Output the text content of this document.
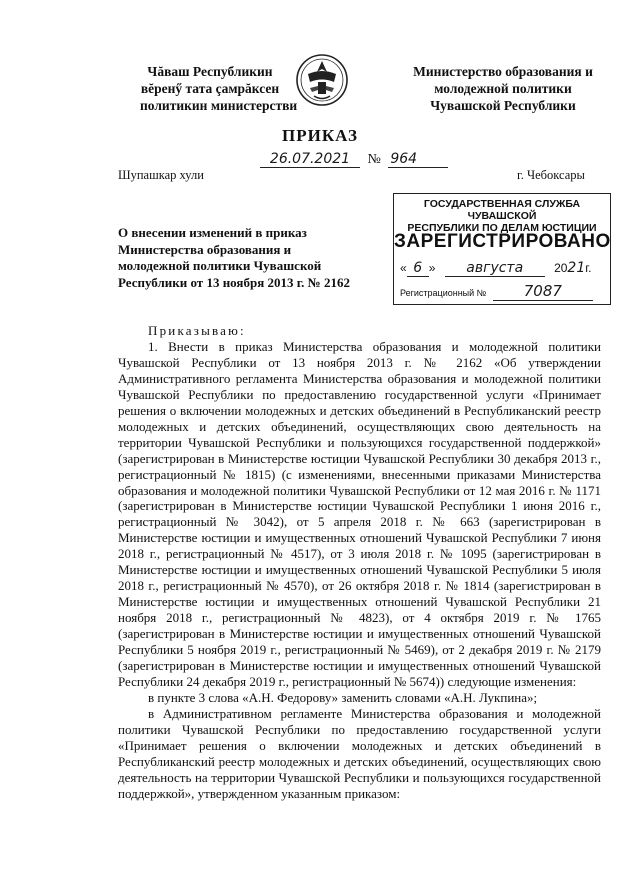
Чăваш Республикин
вĕренӳ тата çамрăксен
политикин министерстви
Министерство образования и
молодежной политики
Чувашской Республики
ПРИКАЗ
26.07.2021 № 964
Шупашкар хули	г. Чебоксары
О внесении изменений в приказ
Министерства образования и
молодежной политики Чувашской
Республики от 13 ноября 2013 г. № 2162
ГОСУДАРСТВЕННАЯ СЛУЖБА ЧУВАШСКОЙ
РЕСПУБЛИКИ ПО ДЕЛАМ ЮСТИЦИИ
ЗАРЕГИСТРИРОВАНО
« 6 » августа	2021г.
Регистрационный № 7087

Приказываю:

1. Внести в приказ Министерства образования и молодежной политики Чувашской Республики от 13 ноября 2013 г. № 2162 «Об утверждении Административного регламента Министерства образования и молодежной политики Чувашской Республики по предоставлению государственной услуги «Принимает решения о включении молодежных и детских объединений в Республиканский реестр молодежных и детских объединений, осуществляющих свою деятельность на территории Чувашской Республики и пользующихся государственной поддержкой» (зарегистрирован в Министерстве юстиции Чувашской Республики 30 декабря 2013 г., регистрационный № 1815) (с изменениями, внесенными приказами Министерства образования и молодежной политики Чувашской Республики от 12 мая 2016 г. № 1171 (зарегистрирован в Министерстве юстиции Чувашской Республики 1 июня 2016 г., регистрационный № 3042), от 5 апреля 2018 г. № 663 (зарегистрирован в Министерстве юстиции и имущественных отношений Чувашской Республики 7 июня 2018 г., регистрационный № 4517), от 3 июля 2018 г. № 1095 (зарегистрирован в Министерстве юстиции и имущественных отношений Чувашской Республики 5 июля 2018 г., регистрационный № 4570), от 26 октября 2018 г. № 1814 (зарегистрирован в Министерстве юстиции и имущественных отношений Чувашской Республики 21 ноября 2018 г., регистрационный № 4823), от 4 октября 2019 г. № 1765 (зарегистрирован в Министерстве юстиции и имущественных отношений Чувашской Республики 5 ноября 2019 г., регистрационный № 5469), от 2 декабря 2019 г. № 2179 (зарегистрирован в Министерстве юстиции и имущественных отношений Чувашской Республики 24 декабря 2019 г., регистрационный № 5674)) следующие изменения:

в пункте 3 слова «А.Н. Федорову» заменить словами «А.Н. Лукпина»;

в Административном регламенте Министерства образования и молодежной политики Чувашской Республики по предоставлению государственной услуги «Принимает решения о включении молодежных и детских объединений в Республиканский реестр молодежных и детских объединений, осуществляющих свою деятельность на территории Чувашской Республики и пользующихся государственной поддержкой», утвержденном указанным приказом:
